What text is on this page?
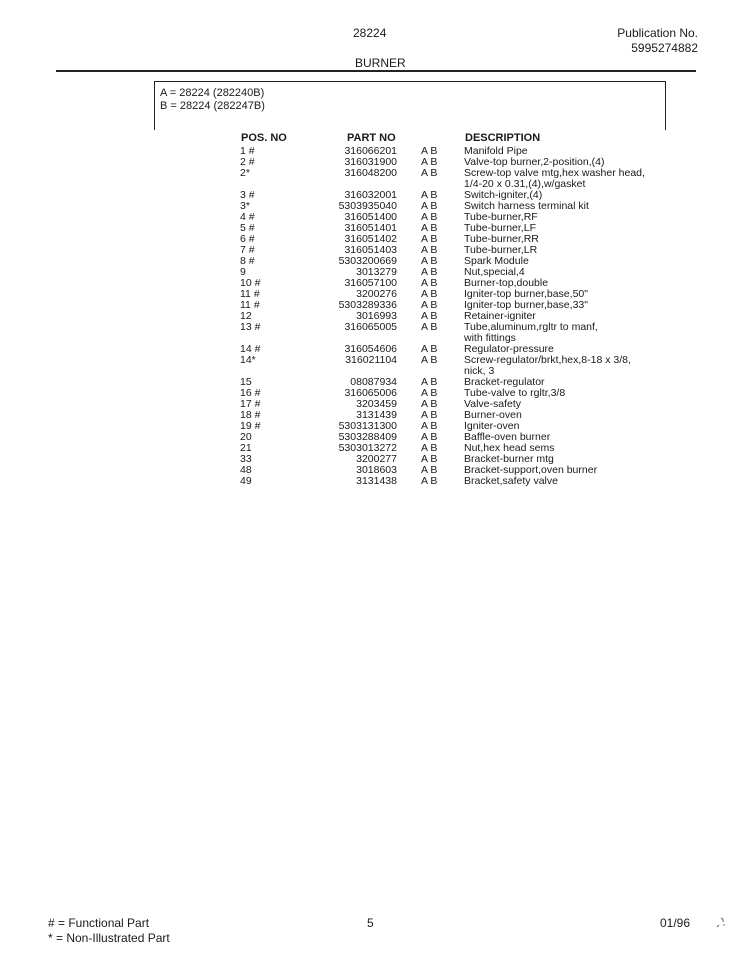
28224	Publication No.
5995274882
BURNER
A = 28224 (282240B)
B = 28224 (282247B)
POS. NO	PART NO	DESCRIPTION
1 #	316066201 A B	Manifold Pipe
2 #	316031900 A B	Valve-top burner,2-position,(4)
2*	316048200 A B	Screw-top valve mtg,hex washer head,
1/4-20 x 0.31,(4),w/gasket
3 #	316032001 A B	Switch-igniter,(4)
3*	5303935040 A B	Switch harness terminal kit
4 #	316051400 A B	Tube-burner,RF
5 #	316051401 A B	Tube-burner,LF
6 #	316051402 A B	Tube-burner,RR
7 #	316051403 A B	Tube-burner,LR
8 #	5303200669 A B	Spark Module
9	3013279 A B	Nut,special,4
10 #	316057100 A B	Burner-top,double
11 #	3200276 A B	Igniter-top burner,base,50"
11 #	5303289336 A B	Igniter-top burner,base,33"
12	3016993 A B	Retainer-igniter
13 #	316065005 A B	Tube,aluminum,rgltr to manf,
with fittings
14 #	316054606 A B	Regulator-pressure
14*	316021104 A B	Screw-regulator/brkt,hex,8-18 x 3/8,
nick, 3
15	08087934 A B	Bracket-regulator
16 #	316065006 A B	Tube-valve to rgltr,3/8
17 #	3203459 A B	Valve-safety
18 #	3131439 A B	Burner-oven
19 #	5303131300 A B	Igniter-oven
20	5303288409 A B	Baffle-oven burner
21	5303013272 A B	Nut,hex head sems
33	3200277 A B	Bracket-burner mtg
48	3018603 A B	Bracket-support,oven burner
49	3131438 A B	Bracket,safety valve
# = Functional Part
* = Non-Illustrated Part
5	01/96
